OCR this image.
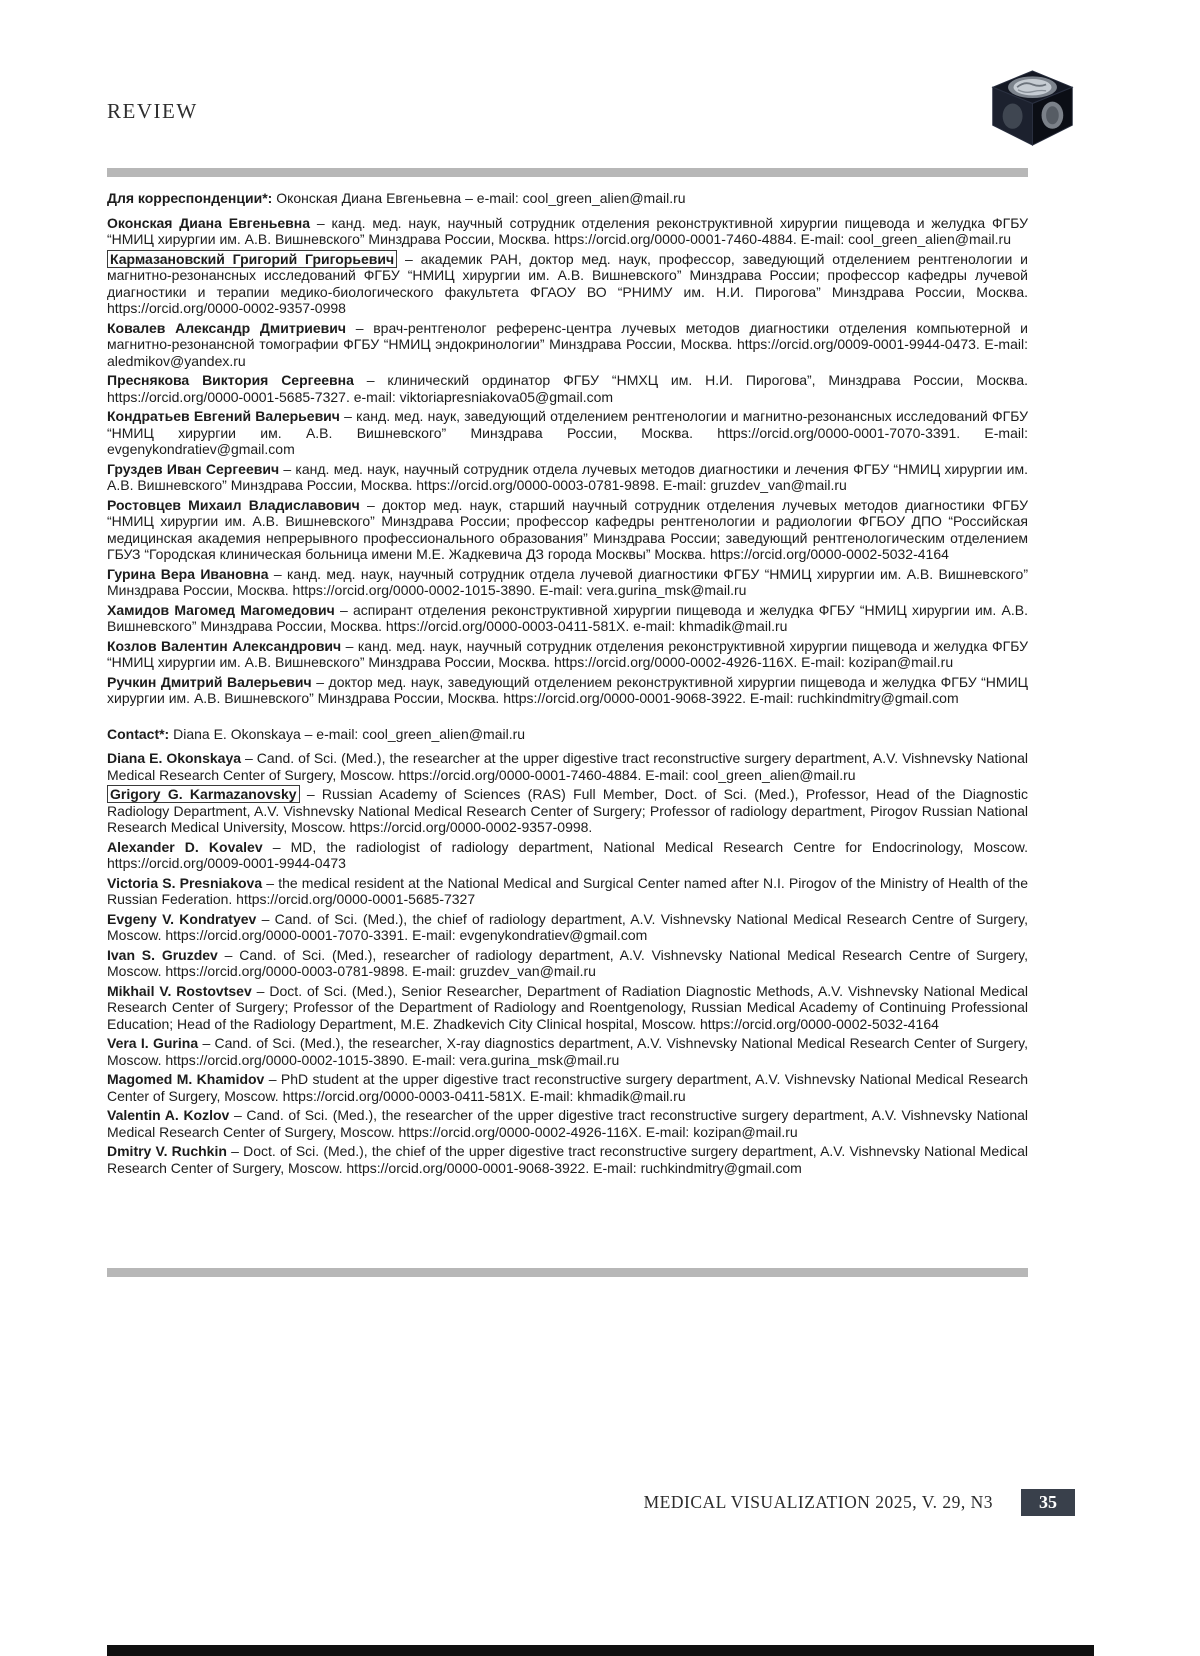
REVIEW

Для корреспонденции*: Оконская Диана Евгеньевна – e-mail: cool_green_alien@mail.ru

Оконская Диана Евгеньевна – канд. мед. наук, научный сотрудник отделения реконструктивной хирургии пищевода и желудка ФГБУ “НМИЦ хирургии им. А.В. Вишневского” Минздрава России, Москва. https://orcid.org/0000-0001-7460-4884. E-mail: cool_green_alien@mail.ru

Кармазановский Григорий Григорьевич – академик РАН, доктор мед. наук, профессор, заведующий отделением рентгенологии и магнитно-резонансных исследований ФГБУ “НМИЦ хирургии им. А.В. Вишневского” Минздрава России; профессор кафедры лучевой диагностики и терапии медико-биологического факультета ФГАОУ ВО “РНИМУ им. Н.И. Пирогова” Минздрава России, Москва. https://orcid.org/0000-0002-9357-0998

Ковалев Александр Дмитриевич – врач-рентгенолог референс-центра лучевых методов диагностики отделения компьютерной и магнитно-резонансной томографии ФГБУ “НМИЦ эндокринологии” Минздрава России, Москва. https://orcid.org/0009-0001-9944-0473. E-mail: aledmikov@yandex.ru

Преснякова Виктория Сергеевна – клинический ординатор ФГБУ “НМХЦ им. Н.И. Пирогова”, Минздрава России, Москва. https://orcid.org/0000-0001-5685-7327. e-mail: viktoriapresniakova05@gmail.com

Кондратьев Евгений Валерьевич – канд. мед. наук, заведующий отделением рентгенологии и магнитно-резонансных исследований ФГБУ “НМИЦ хирургии им. А.В. Вишневского” Минздрава России, Москва. https://orcid.org/0000-0001-7070-3391. E-mail: evgenykondratiev@gmail.com

Груздев Иван Сергеевич – канд. мед. наук, научный сотрудник отдела лучевых методов диагностики и лечения ФГБУ “НМИЦ хирургии им. А.В. Вишневского” Минздрава России, Москва. https://orcid.org/0000-0003-0781-9898. E-mail: gruzdev_van@mail.ru

Ростовцев Михаил Владиславович – доктор мед. наук, старший научный сотрудник отделения лучевых методов диагностики ФГБУ “НМИЦ хирургии им. А.В. Вишневского” Минздрава России; профессор кафедры рентгенологии и радиологии ФГБОУ ДПО “Российская медицинская академия непрерывного профессионального образования” Минздрава России; заведующий рентгенологическим отделением ГБУЗ “Городская клиническая больница имени М.Е. Жадкевича ДЗ города Москвы” Москва. https://orcid.org/0000-0002-5032-4164

Гурина Вера Ивановна – канд. мед. наук, научный сотрудник отдела лучевой диагностики ФГБУ “НМИЦ хирургии им. А.В. Вишневского” Минздрава России, Москва. https://orcid.org/0000-0002-1015-3890. E-mail: vera.gurina_msk@mail.ru

Хамидов Магомед Магомедович – аспирант отделения реконструктивной хирургии пищевода и желудка ФГБУ “НМИЦ хирургии им. А.В. Вишневского” Минздрава России, Москва. https://orcid.org/0000-0003-0411-581X. e-mail: khmadik@mail.ru

Козлов Валентин Александрович – канд. мед. наук, научный сотрудник отделения реконструктивной хирургии пищевода и желудка ФГБУ “НМИЦ хирургии им. А.В. Вишневского” Минздрава России, Москва. https://orcid.org/0000-0002-4926-116X. E-mail: kozipan@mail.ru

Ручкин Дмитрий Валерьевич – доктор мед. наук, заведующий отделением реконструктивной хирургии пищевода и желудка ФГБУ “НМИЦ хирургии им. А.В. Вишневского” Минздрава России, Москва. https://orcid.org/0000-0001-9068-3922. E-mail: ruchkindmitry@gmail.com

Contact*: Diana E. Okonskaya – e-mail: cool_green_alien@mail.ru

Diana E. Okonskaya – Cand. of Sci. (Med.), the researcher at the upper digestive tract reconstructive surgery department, A.V. Vishnevsky National Medical Research Center of Surgery, Moscow. https://orcid.org/0000-0001-7460-4884. E-mail: cool_green_alien@mail.ru

Grigory G. Karmazanovsky – Russian Academy of Sciences (RAS) Full Member, Doct. of Sci. (Med.), Professor, Head of the Diagnostic Radiology Department, A.V. Vishnevsky National Medical Research Center of Surgery; Professor of radiology department, Pirogov Russian National Research Medical University, Moscow. https://orcid.org/0000-0002-9357-0998.

Alexander D. Kovalev – MD, the radiologist of radiology department, National Medical Research Centre for Endocrinology, Moscow. https://orcid.org/0009-0001-9944-0473

Victoria S. Presniakova – the medical resident at the National Medical and Surgical Center named after N.I. Pirogov of the Ministry of Health of the Russian Federation. https://orcid.org/0000-0001-5685-7327

Evgeny V. Kondratyev – Cand. of Sci. (Med.), the chief of radiology department, A.V. Vishnevsky National Medical Research Centre of Surgery, Moscow. https://orcid.org/0000-0001-7070-3391. E-mail: evgenykondratiev@gmail.com

Ivan S. Gruzdev – Cand. of Sci. (Med.), researcher of radiology department, A.V. Vishnevsky National Medical Research Centre of Surgery, Moscow. https://orcid.org/0000-0003-0781-9898. E-mail: gruzdev_van@mail.ru

Mikhail V. Rostovtsev – Doct. of Sci. (Med.), Senior Researcher, Department of Radiation Diagnostic Methods, A.V. Vishnevsky National Medical Research Center of Surgery; Professor of the Department of Radiology and Roentgenology, Russian Medical Academy of Continuing Professional Education; Head of the Radiology Department, M.E. Zhadkevich City Clinical hospital, Moscow. https://orcid.org/0000-0002-5032-4164

Vera I. Gurina – Cand. of Sci. (Med.), the researcher, X-ray diagnostics department, A.V. Vishnevsky National Medical Research Center of Surgery, Moscow. https://orcid.org/0000-0002-1015-3890. E-mail: vera.gurina_msk@mail.ru

Magomed M. Khamidov – PhD student at the upper digestive tract reconstructive surgery department, A.V. Vishnevsky National Medical Research Center of Surgery, Moscow. https://orcid.org/0000-0003-0411-581X. E-mail: khmadik@mail.ru

Valentin A. Kozlov – Cand. of Sci. (Med.), the researcher of the upper digestive tract reconstructive surgery department, A.V. Vishnevsky National Medical Research Center of Surgery, Moscow. https://orcid.org/0000-0002-4926-116X. E-mail: kozipan@mail.ru

Dmitry V. Ruchkin – Doct. of Sci. (Med.), the chief of the upper digestive tract reconstructive surgery department, A.V. Vishnevsky National Medical Research Center of Surgery, Moscow. https://orcid.org/0000-0001-9068-3922. E-mail: ruchkindmitry@gmail.com

MEDICAL VISUALIZATION 2025, V. 29, N3	35
